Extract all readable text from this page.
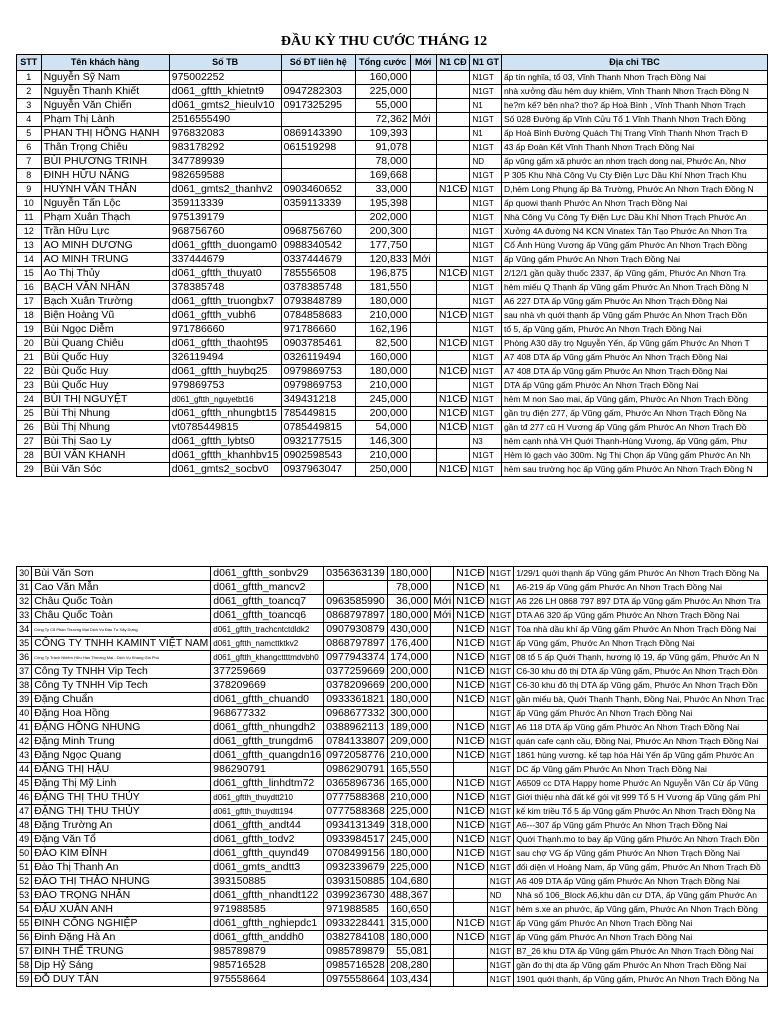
ĐẦU KỲ THU CƯỚC THÁNG 12
STT	Tên khách hàng	Số TB	Số ĐT liên hệ	Tổng cước	Mới	N1 CĐ	N1 GT	Địa chỉ TBC
1	Nguyễn Sỹ Nam	975002252		160,000			N1GT	ấp tín nghĩa, tổ 03, Vĩnh Thanh Nhơn Trạch Đồng Nai
2	Nguyễn Thanh Khiết	d061_gftth_khietnt9	0947282303	225,000			N1GT	nhà xưởng đầu hẻm duy khiêm, Vĩnh Thanh Nhơn Trạch Đồng N
3	Nguyễn Văn Chiến	d061_gmts2_hieulv10	0917325295	55,000			N1	he?m kế? bên nha? tho? ấp Hoà Bình , Vĩnh Thanh Nhơn Trạch
4	Phạm Thị Lành	2516555490		72,362	Mới		N1GT	Số 028 Đường ấp Vĩnh Cửu Tổ 1 Vĩnh Thanh Nhơn Trạch Đồng
5	PHAN THỊ HỒNG HẠNH	976832083	0869143390	109,393			N1	ấp Hoà Bình Đường Quách Thị Trang Vĩnh Thanh Nhơn Trạch Đ
6	Thân Trọng Chiêu	983178292	061519298	91,078			N1GT	43 ấp Đoàn Kết Vĩnh Thanh Nhơn Trạch Đồng Nai
7	BÙI PHƯƠNG TRINH	347789939		78,000			ND	ấp vũng gấm xã phước an nhơn trạch dong nai, Phước An, Nhơ
8	ĐINH HỮU NĂNG	982659588		169,668			N1GT	P 305 Khu Nhà Công Vụ Cty Điện Lực Dầu Khí Nhơn Trạch Khu
9	HUỲNH VĂN THÂN	d061_gmts2_thanhv2	0903460652	33,000		N1CĐ	N1GT	D,hẻm Long Phụng ấp Bà Trường, Phước An Nhơn Trạch Đồng N
10	Nguyễn Tấn Lộc	359113339	0359113339	195,398			N1GT	ấp quowi thanh Phước An Nhơn Trạch Đồng Nai
11	Phạm Xuân Thạch	975139179		202,000			N1GT	Nhà Công Vụ Công Ty Điện Lực Dầu Khí Nhơn Trạch Phước An
12	Trần Hữu Lực	968756760	0968756760	200,300			N1GT	Xưởng 4A đường N4 KCN Vinatex Tân Tạo Phước An Nhơn Tra
13	AO MINH DƯƠNG	d061_gftth_duongam0	0988340542	177,750			N1GT	Cổ Ánh Hùng Vương ấp Vũng gấm Phước An Nhơn Trạch Đồng
14	AO MINH TRUNG	337444679	0337444679	120,833	Mới		N1GT	ấp Vũng gấm Phước An Nhơn Trạch Đồng Nai
15	Ao Thị Thủy	d061_gftth_thuyat0	785556508	196,875		N1CĐ	N1GT	2/12/1 gần quầy thuốc 2337, ấp Vũng gấm, Phước An Nhơn Trạ
16	BẠCH VĂN NHÂN	378385748	0378385748	181,550			N1GT	hẻm miếu Q Thạnh ấp Vũng gấm Phước An Nhơn Trạch Đồng N
17	Bạch Xuân Trường	d061_gftth_truongbx7	0793848789	180,000			N1GT	A6 227 DTA ấp Vũng gấm Phước An Nhơn Trạch Đồng Nai
18	Biện Hoàng Vũ	d061_gftth_vubh6	0784858683	210,000		N1CĐ	N1GT	sau nhà vh quới thạnh ấp Vũng gấm Phước An Nhơn Trạch Đồn
19	Bùi Ngọc Diễm	971786660	971786660	162,196			N1GT	tổ 5, ấp Vũng gấm, Phước An Nhơn Trạch Đồng Nai
20	Bùi Quang Chiêu	d061_gftth_thaoht95	0903785461	82,500		N1CĐ	N1GT	Phòng A30 dãy trọ Nguyễn Yến, ấp Vũng gấm Phước An Nhơn T
21	Bùi Quốc Huy	326119494	0326119494	160,000			N1GT	A7 408 DTA ấp Vũng gấm Phước An Nhơn Trạch Đồng Nai
22	Bùi Quốc Huy	d061_gftth_huybq25	0979869753	180,000		N1CĐ	N1GT	A7 408 DTA ấp Vũng gấm Phước An Nhơn Trạch Đồng Nai
23	Bùi Quốc Huy	979869753	0979869753	210,000			N1GT	DTA ấp Vũng gấm Phước An Nhơn Trạch Đồng Nai
24	BÙI THỊ NGUYỆT	d061_gftth_nguyetbt16	349431218	245,000		N1CĐ	N1GT	hẻm M non Sao mai, ấp Vũng gấm, Phước An Nhơn Trạch Đồng
25	Bùi Thị Nhung	d061_gftth_nhungbt15	785449815	200,000		N1CĐ	N1GT	gần trụ điện 277, ấp Vũng gấm, Phước An Nhơn Trạch Đồng Na
26	Bùi Thị Nhung	vt0785449815	0785449815	54,000		N1CĐ	N1GT	gần tđ 277 cũ H Vương ấp Vũng gấm Phước An Nhơn Trạch Đồ
27	Bùi Thị Sao Ly	d061_gftth_lybts0	0932177515	146,300			N3	hẻm cạnh nhà VH Quới Thạnh-Hùng Vương, ấp Vũng gấm, Phư
28	BÙI VĂN KHANH	d061_gftth_khanhbv15	0902598543	210,000			N1GT	Hẻm lò gạch vào 300m. Ng Thị Chọn ấp Vũng gấm Phước An Nh
29	Bùi Văn Sóc	d061_gmts2_socbv0	0937963047	250,000		N1CĐ	N1GT	hẻm sau trường học ấp Vũng gấm Phước An Nhơn Trạch Đồng N
30	Bùi Văn Sơn	d061_gftth_sonbv29	0356363139	180,000		N1CĐ	N1GT	1/29/1 quới thạnh ấp Vũng gấm Phước An Nhơn Trạch Đồng Na
31	Cao Văn Mẫn	d061_gftth_mancv2		78,000		N1CĐ	N1	A6-219 ấp Vũng gấm Phước An Nhơn Trạch Đồng Nai
32	Châu Quốc Toàn	d061_gftth_toancq7	0963585990	36,000	Mới	N1CĐ	N1GT	A6 226 LH 0868 797 897 DTA ấp Vũng gấm Phước An Nhơn Tra
33	Châu Quốc Toàn	d061_gftth_toancq6	0868797897	180,000	Mới	N1CĐ	N1GT	DTA A6 320 ấp Vũng gấm Phước An Nhơn Trạch Đồng Nai
34	Công Ty Cổ Phần Thương Mại Dịch Vụ Đầu Tư Xây Dựng	d061_gftth_trachcntctdldk2	0907930879	430,000		N1CĐ	N1GT	Tòa nhà dầu khí ấp Vũng gấm Phước An Nhơn Trạch Đồng Nai
35	CÔNG TY TNHH KAMINT VIỆT NAM	d061_gftth_namcttktkv2	0868797897	176,400		N1CĐ	N1GT	ấp Vũng gấm, Phước An Nhơn Trạch Đồng Nai
36	Công Ty Trách Nhiệm Hữu Hạn Thương Mại - Dịch Vụ Khang Gia Phú	d061_gftth_khangcttttmdvbh0	0977943374	174,000		N1CĐ	N1GT	08 tổ 5 ấp Quới Thạnh, hương lộ 19, ấp Vũng gấm, Phước An N
37	Công Ty TNHH Vip Tech	377259669	0377259669	200,000		N1CĐ	N1GT	C6-30 khu đô thị DTA ấp Vũng gấm, Phước An Nhơn Trạch Đồn
38	Công Ty TNHH Vip Tech	378209669	0378209669	200,000		N1CĐ	N1GT	C6-30 khu đô thị DTA ấp Vũng gấm, Phước An Nhơn Trạch Đồn
39	Đặng Chuẩn	d061_gftth_chuand0	0933361821	180,000		N1CĐ	N1GT	gần miếu bà, Quới Thạnh Thạnh, Đồng Nai, Phước An Nhơn Trạc
40	Đặng Hoa Hồng	968677332	0968677332	300,000			N1GT	ấp Vũng gấm Phước An Nhơn Trạch Đồng Nai
41	ĐẶNG HỒNG NHUNG	d061_gftth_nhungdh2	0388962113	189,000		N1CĐ	N1GT	A6 118 DTA ấp Vũng gấm Phước An Nhơn Trạch Đồng Nai
42	Đặng Minh Trung	d061_gftth_trungdm6	0784133807	209,000		N1CĐ	N1GT	quán cafe cạnh cầu, Đồng Nai, Phước An Nhơn Trạch Đồng Nai
43	Đặng Ngọc Quang	d061_gftth_quangdn16	0972058776	210,000		N1CĐ	N1GT	1861 hùng vương. kế tạp hóa Hải Yến ấp Vũng gấm Phước An
44	ĐẶNG THỊ HẬU	986290791	0986290791	165,550			N1GT	DC ấp Vũng gấm Phước An Nhơn Trạch Đồng Nai
45	Đặng Thị Mỹ Linh	d061_gftth_linhdtm72	0365896736	165,000		N1CĐ	N1GT	A6509 cc DTA Happy home Phước An Nguyễn Văn Cừ ấp Vũng
46	ĐẶNG THỊ THU THỦY	d061_gftth_thuydtt210	0777588368	210,000		N1CĐ	N1GT	Giới thiệu nhà đất kế gói vịt 999 Tổ 5 H Vương ấp Vũng gấm Phí
47	ĐẶNG THỊ THU THỦY	d061_gftth_thuydtt194	0777588368	225,000		N1CĐ	N1GT	kế kim triều Tổ 5 ấp Vũng gấm Phước An Nhơn Trạch Đồng Na
48	Đặng Trường An	d061_gftth_andt44	0934131349	318,000		N1CĐ	N1GT	A6---307 ấp Vũng gấm Phước An Nhơn Trạch Đồng Nai
49	Đặng Văn Tổ	d061_gftth_todv2	0933984517	245,000		N1CĐ	N1GT	Quới Thạnh.mo to bay ấp Vũng gấm Phước An Nhơn Trạch Đồn
50	ĐÀO KIM ĐỈNH	d061_gftth_quynd49	0708499156	180,000		N1CĐ	N1GT	sau chợ VG ấp Vũng gấm Phước An Nhơn Trạch Đồng Nai
51	Đào Thị Thanh An	d061_gmts_andtt3	0932339679	225,000		N1CĐ	N1GT	đối diện vl Hoàng Nam, ấp Vũng gấm, Phước An Nhơn Trạch Đồ
52	ĐÀO THỊ THẢO NHUNG	393150885	0393150885	104,680			N1GT	A6 409 DTA ấp Vũng gấm Phước An Nhơn Trạch Đồng Nai
53	ĐÀO TRỌNG NHÂN	d061_gftth_nhandt122	0399236730	488,367			ND	Nhà số 106_Block A6,khu dân cư DTA, ấp Vũng gấm Phước An
54	ĐẬU XUÂN ANH	971988585	971988585	160,650			N1GT	hẻm s.xe an phước, ấp Vũng gấm, Phước An Nhơn Trạch Đồng
55	ĐINH CÔNG NGHIỆP	d061_gftth_nghiepdc1	0933228441	315,000		N1CĐ	N1GT	ấp Vũng gấm Phước An Nhơn Trạch Đồng Nai
56	Đinh Đặng Hà An	d061_gftth_anddh0	0382784108	180,000		N1CĐ	N1GT	ấp Vũng gấm Phước An Nhơn Trạch Đồng Nai
57	ĐINH THẾ TRUNG	985789879	0985789879	55,081			N1GT	B7_26 khu DTA ấp Vũng gấm Phước An Nhơn Trạch Đồng Nai
58	Dịp Hỷ Sáng	985716528	0985716528	208,280			N1GT	gần đo thị dta ấp Vũng gấm Phước An Nhơn Trạch Đồng Nai
59	ĐỖ DUY TÂN	975558664	0975558664	103,434			N1GT	1901 quới thạnh, ấp Vũng gấm, Phước An Nhơn Trạch Đồng Na
